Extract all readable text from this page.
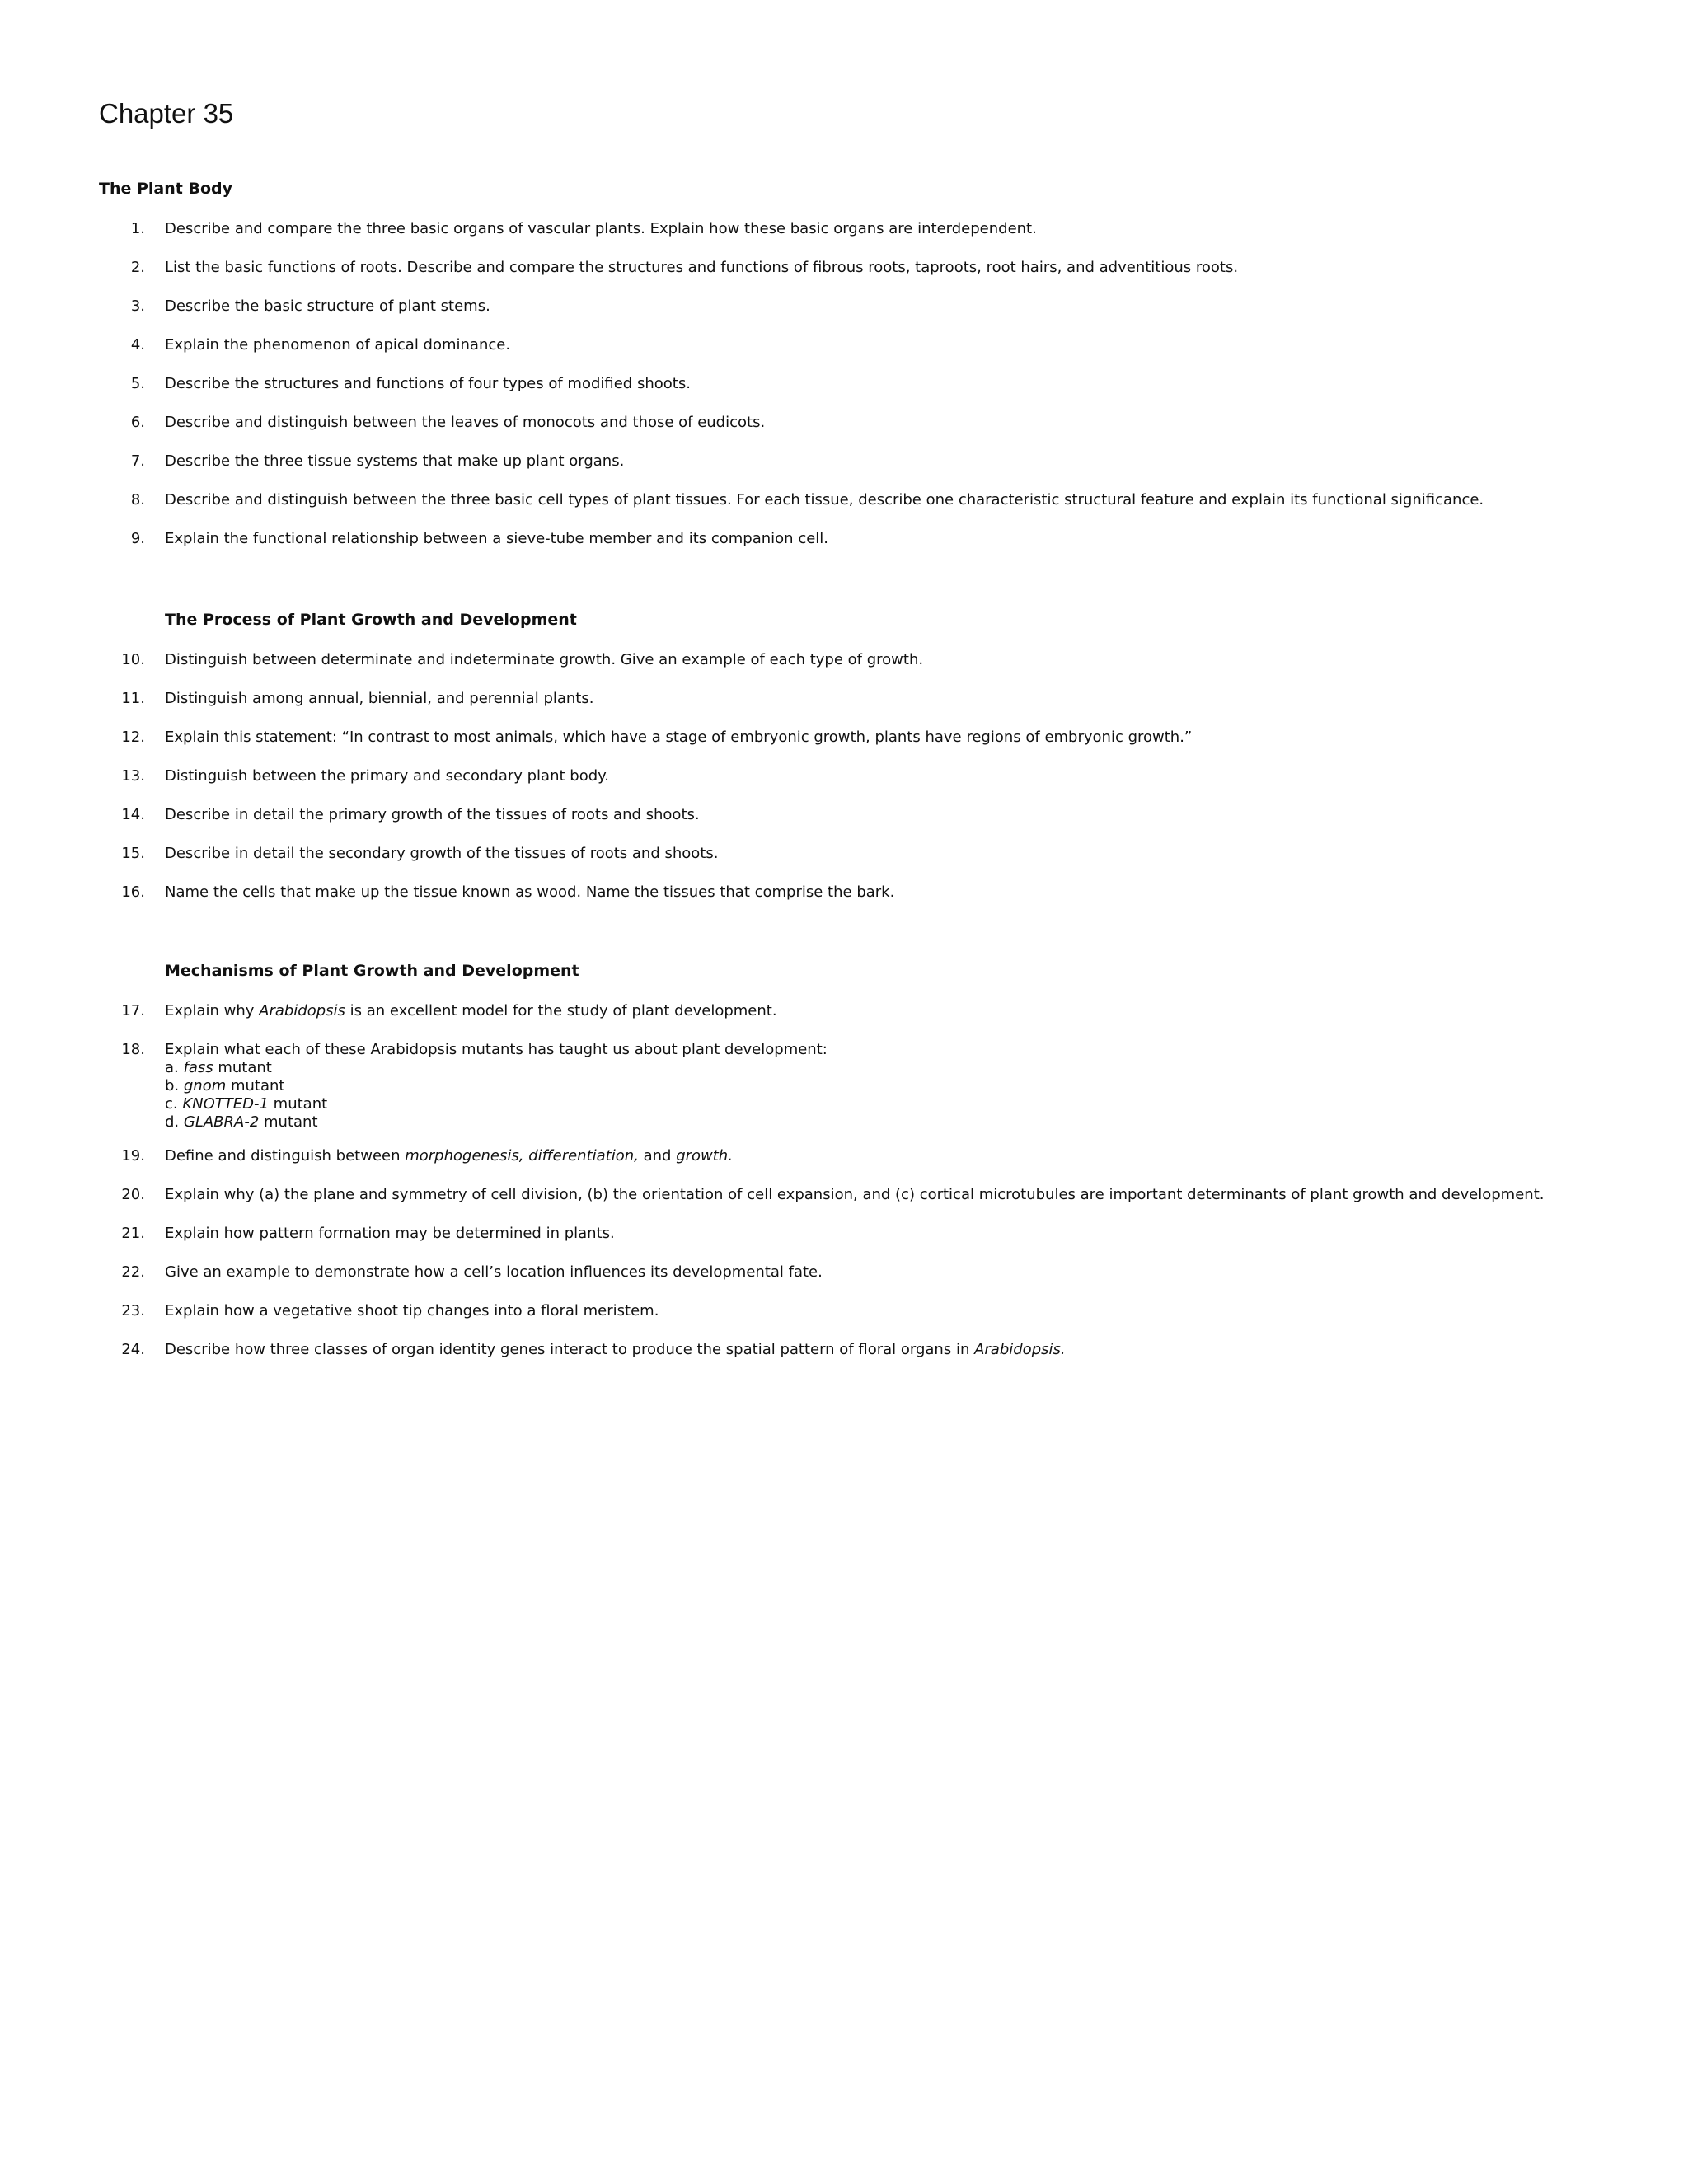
Chapter 35
The Plant Body
1. Describe and compare the three basic organs of vascular plants. Explain how these basic organs are interdependent.
2. List the basic functions of roots. Describe and compare the structures and functions of fibrous roots, taproots, root hairs, and adventitious roots.
3. Describe the basic structure of plant stems.
4. Explain the phenomenon of apical dominance.
5. Describe the structures and functions of four types of modified shoots.
6. Describe and distinguish between the leaves of monocots and those of eudicots.
7. Describe the three tissue systems that make up plant organs.
8. Describe and distinguish between the three basic cell types of plant tissues. For each tissue, describe one characteristic structural feature and explain its functional significance.
9. Explain the functional relationship between a sieve-tube member and its companion cell.
The Process of Plant Growth and Development
10. Distinguish between determinate and indeterminate growth. Give an example of each type of growth.
11. Distinguish among annual, biennial, and perennial plants.
12. Explain this statement: “In contrast to most animals, which have a stage of embryonic growth, plants have regions of embryonic growth.”
13. Distinguish between the primary and secondary plant body.
14. Describe in detail the primary growth of the tissues of roots and shoots.
15. Describe in detail the secondary growth of the tissues of roots and shoots.
16. Name the cells that make up the tissue known as wood. Name the tissues that comprise the bark.
Mechanisms of Plant Growth and Development
17. Explain why Arabidopsis is an excellent model for the study of plant development.
18. Explain what each of these Arabidopsis mutants has taught us about plant development:
a. fass mutant
b. gnom mutant
c. KNOTTED-1 mutant
d. GLABRA-2 mutant
19. Define and distinguish between morphogenesis, differentiation, and growth.
20. Explain why (a) the plane and symmetry of cell division, (b) the orientation of cell expansion, and (c) cortical microtubules are important determinants of plant growth and development.
21. Explain how pattern formation may be determined in plants.
22. Give an example to demonstrate how a cell’s location influences its developmental fate.
23. Explain how a vegetative shoot tip changes into a floral meristem.
24. Describe how three classes of organ identity genes interact to produce the spatial pattern of floral organs in Arabidopsis.
